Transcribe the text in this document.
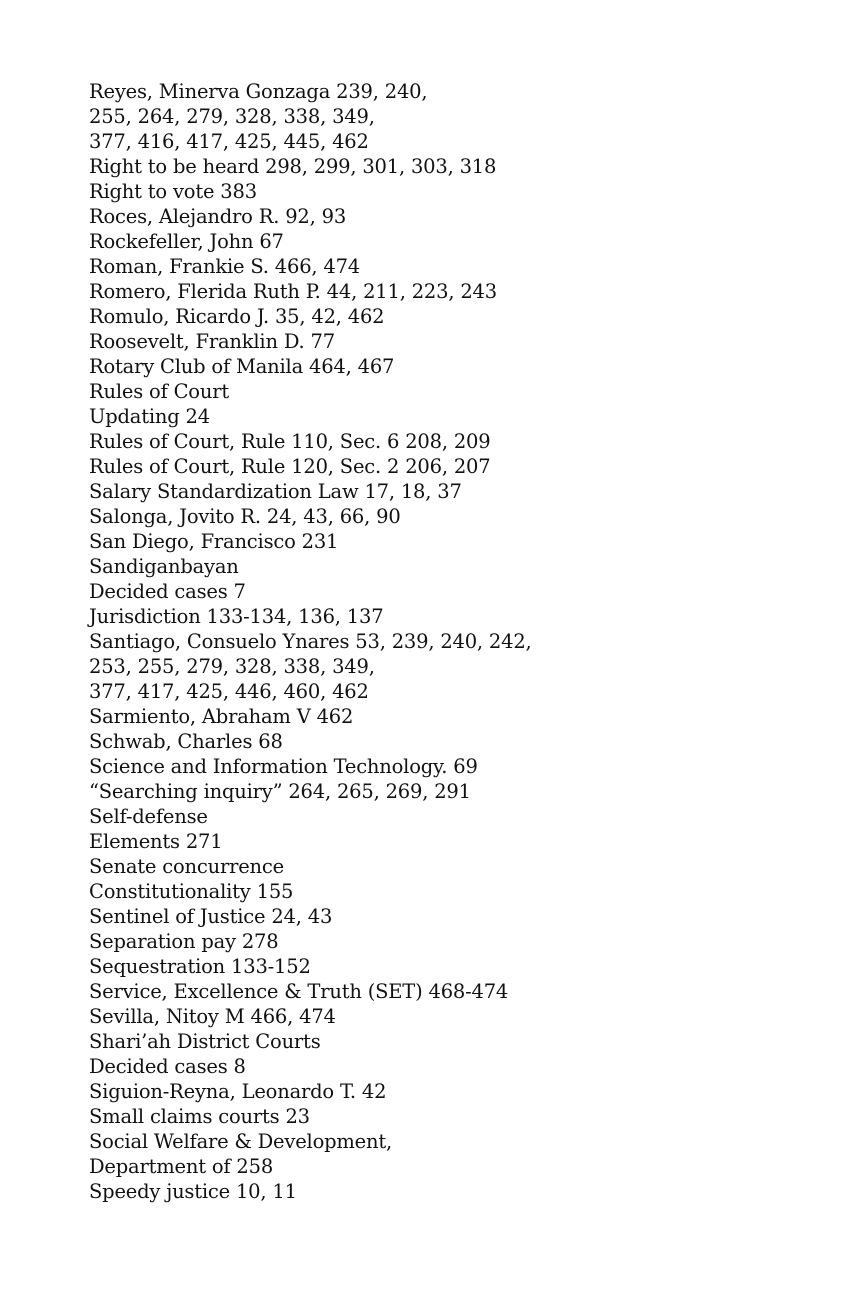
Reyes, Minerva Gonzaga 239, 240,
255, 264, 279, 328, 338, 349,
377, 416, 417, 425, 445, 462
Right to be heard 298, 299, 301, 303, 318
Right to vote 383
Roces, Alejandro R. 92, 93
Rockefeller, John 67
Roman, Frankie S. 466, 474
Romero, Flerida Ruth P. 44, 211, 223, 243
Romulo, Ricardo J. 35, 42, 462
Roosevelt, Franklin D. 77
Rotary Club of Manila 464, 467
Rules of Court
Updating 24
Rules of Court, Rule 110, Sec. 6 208, 209
Rules of Court, Rule 120, Sec. 2 206, 207
Salary Standardization Law 17, 18, 37
Salonga, Jovito R. 24, 43, 66, 90
San Diego, Francisco 231
Sandiganbayan
Decided cases 7
Jurisdiction 133-134, 136, 137
Santiago, Consuelo Ynares 53, 239, 240, 242,
253, 255, 279, 328, 338, 349,
377, 417, 425, 446, 460, 462
Sarmiento, Abraham V 462
Schwab, Charles 68
Science and Information Technology. 69
“Searching inquiry” 264, 265, 269, 291
Self-defense
Elements 271
Senate concurrence
Constitutionality 155
Sentinel of Justice 24, 43
Separation pay 278
Sequestration 133-152
Service, Excellence & Truth (SET) 468-474
Sevilla, Nitoy M 466, 474
Shari’ah District Courts
Decided cases 8
Siguion-Reyna, Leonardo T. 42
Small claims courts 23
Social Welfare & Development,
Department of 258
Speedy justice 10, 11
